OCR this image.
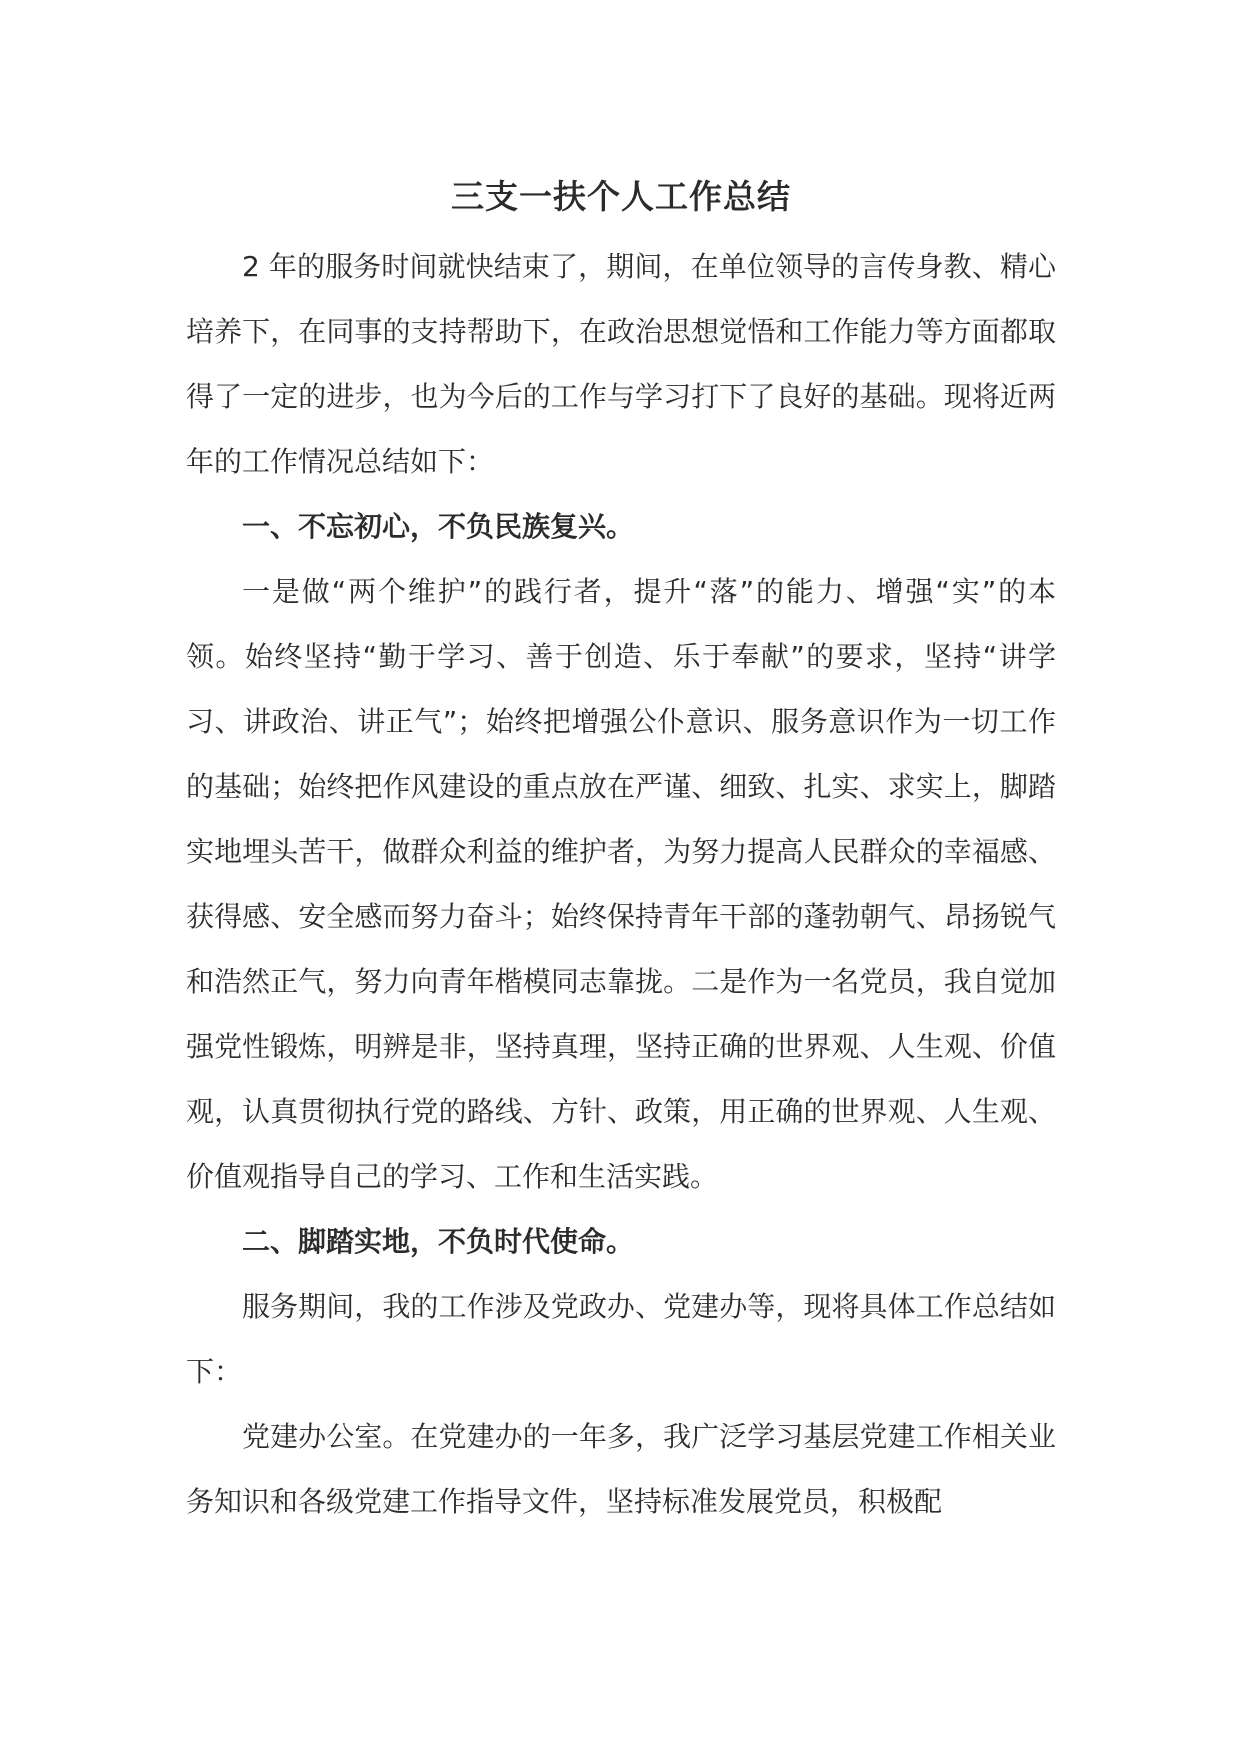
三支一扶个人工作总结

2 年的服务时间就快结束了，期间，在单位领导的言传身教、精心培养下，在同事的支持帮助下，在政治思想觉悟和工作能力等方面都取得了一定的进步，也为今后的工作与学习打下了良好的基础。现将近两年的工作情况总结如下：

一、不忘初心，不负民族复兴。

一是做“两个维护”的践行者，提升“落”的能力、增强“实”的本领。始终坚持“勤于学习、善于创造、乐于奉献”的要求，坚持“讲学习、讲政治、讲正气”；始终把增强公仆意识、服务意识作为一切工作的基础；始终把作风建设的重点放在严谨、细致、扎实、求实上，脚踏实地埋头苦干，做群众利益的维护者，为努力提高人民群众的幸福感、获得感、安全感而努力奋斗；始终保持青年干部的蓬勃朝气、昂扬锐气和浩然正气，努力向青年楷模同志靠拢。二是作为一名党员，我自觉加强党性锻炼，明辨是非，坚持真理，坚持正确的世界观、人生观、价值观，认真贯彻执行党的路线、方针、政策，用正确的世界观、人生观、价值观指导自己的学习、工作和生活实践。

二、脚踏实地，不负时代使命。

服务期间，我的工作涉及党政办、党建办等，现将具体工作总结如下：

党建办公室。在党建办的一年多，我广泛学习基层党建工作相关业务知识和各级党建工作指导文件，坚持标准发展党员，积极配
